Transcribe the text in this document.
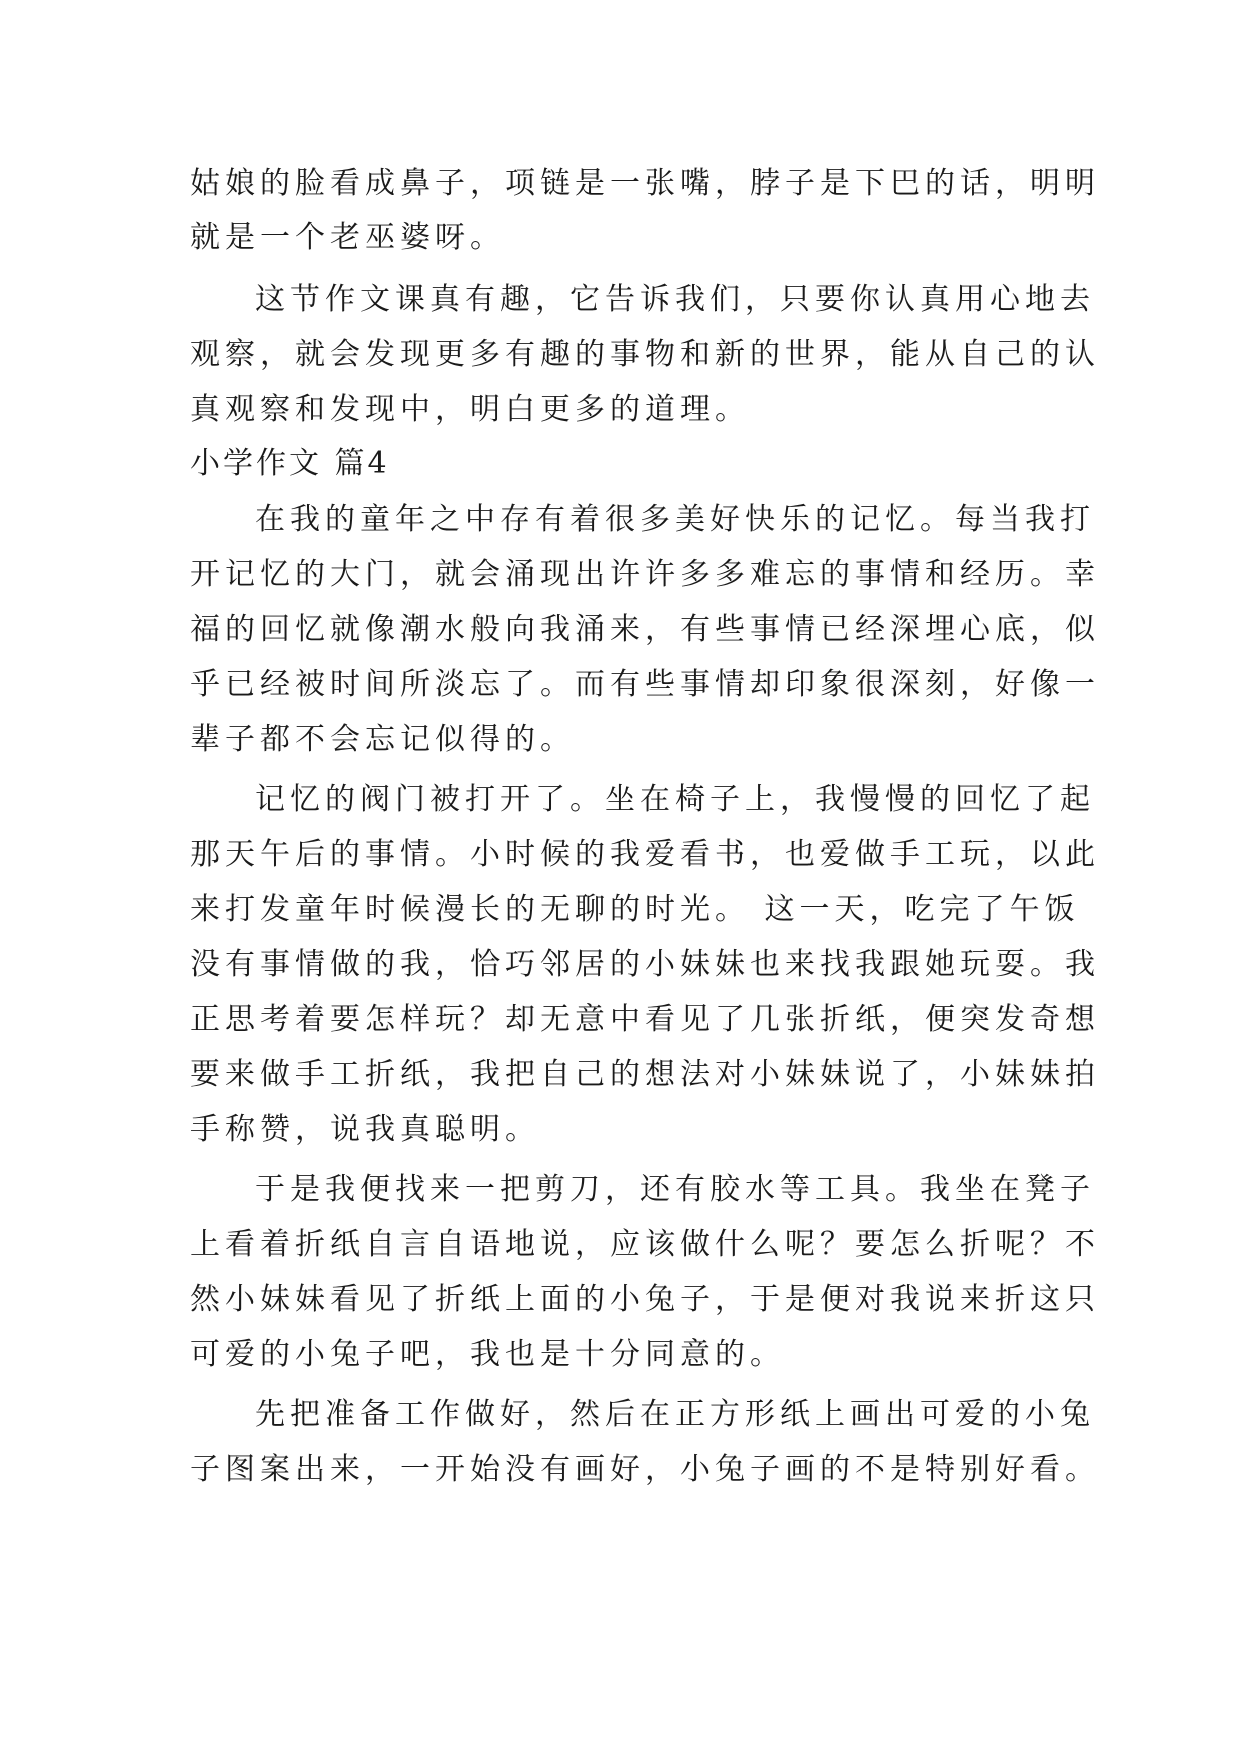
姑娘的脸看成鼻子，项链是一张嘴，脖子是下巴的话，明明
就是一个老巫婆呀。
这节作文课真有趣，它告诉我们，只要你认真用心地去
观察，就会发现更多有趣的事物和新的世界，能从自己的认
真观察和发现中，明白更多的道理。
小学作文 篇4
在我的童年之中存有着很多美好快乐的记忆。每当我打
开记忆的大门，就会涌现出许许多多难忘的事情和经历。幸
福的回忆就像潮水般向我涌来，有些事情已经深埋心底，似
乎已经被时间所淡忘了。而有些事情却印象很深刻，好像一
辈子都不会忘记似得的。
记忆的阀门被打开了。坐在椅子上，我慢慢的回忆了起
那天午后的事情。小时候的我爱看书，也爱做手工玩，以此
来打发童年时候漫长的无聊的时光。 这一天，吃完了午饭
没有事情做的我，恰巧邻居的小妹妹也来找我跟她玩耍。我
正思考着要怎样玩？却无意中看见了几张折纸，便突发奇想
要来做手工折纸，我把自己的想法对小妹妹说了，小妹妹拍
手称赞，说我真聪明。
于是我便找来一把剪刀，还有胶水等工具。我坐在凳子
上看着折纸自言自语地说，应该做什么呢？要怎么折呢？不
然小妹妹看见了折纸上面的小兔子，于是便对我说来折这只
可爱的小兔子吧，我也是十分同意的。
先把准备工作做好，然后在正方形纸上画出可爱的小兔
子图案出来，一开始没有画好，小兔子画的不是特别好看。
